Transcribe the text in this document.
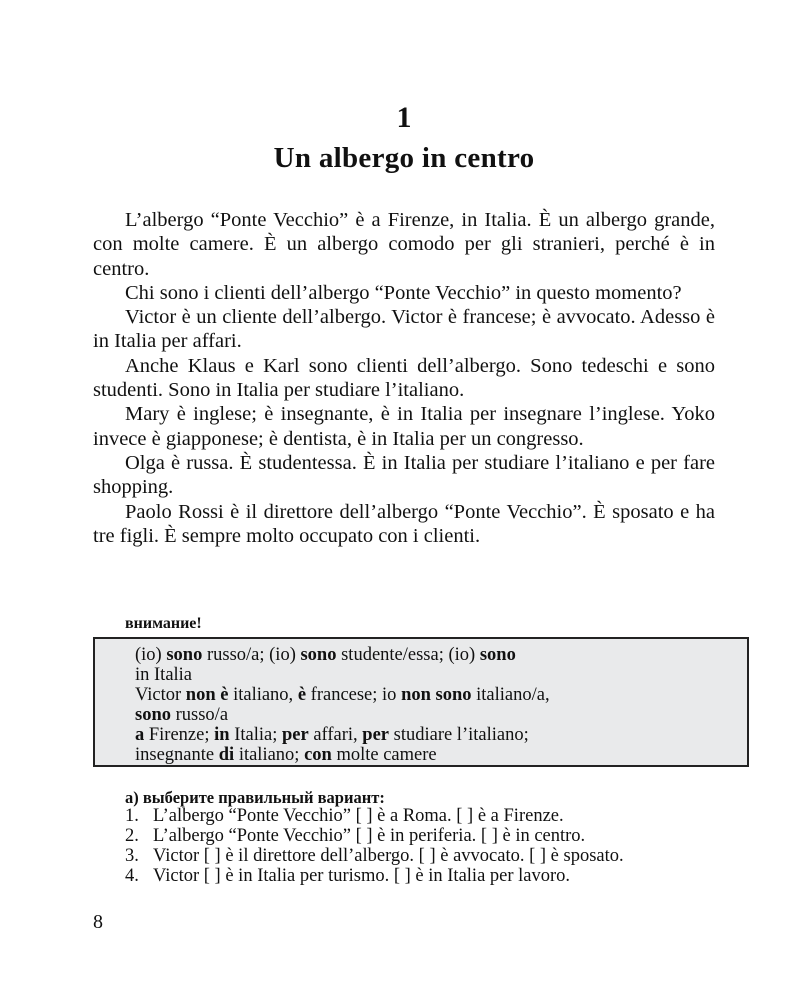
1
Un albergo in centro

L’albergo “Ponte Vecchio” è a Firenze, in Italia. È un albergo grande, con molte camere. È un albergo comodo per gli stranieri, perché è in centro.

Chi sono i clienti dell’albergo “Ponte Vecchio” in questo momento?

Victor è un cliente dell’albergo. Victor è francese; è avvocato. Adesso è in Italia per affari.

Anche Klaus e Karl sono clienti dell’albergo. Sono tedeschi e sono studenti. Sono in Italia per studiare l’italiano.

Mary è inglese; è insegnante, è in Italia per insegnare l’inglese. Yoko invece è giapponese; è dentista, è in Italia per un congresso.

Olga è russa. È studentessa. È in Italia per studiare l’italiano e per fare shopping.

Paolo Rossi è il direttore dell’albergo “Ponte Vecchio”. È sposato e ha tre figli. È sempre molto occupato con i clienti.

внимание!
(io) sono russo/a; (io) sono studente/essa; (io) sono
in Italia
Victor non è italiano, è francese; io non sono italiano/a,
sono russo/a
a Firenze; in Italia; per affari, per studiare l’italiano;
insegnante di italiano; con molte camere
а) выберите правильный вариант:
1. L’albergo “Ponte Vecchio” [ ] è a Roma. [ ] è a Firenze.
2. L’albergo “Ponte Vecchio” [ ] è in periferia. [ ] è in centro.
3. Victor [ ] è il direttore dell’albergo. [ ] è avvocato. [ ] è sposato.
4. Victor [ ] è in Italia per turismo. [ ] è in Italia per lavoro.
8
